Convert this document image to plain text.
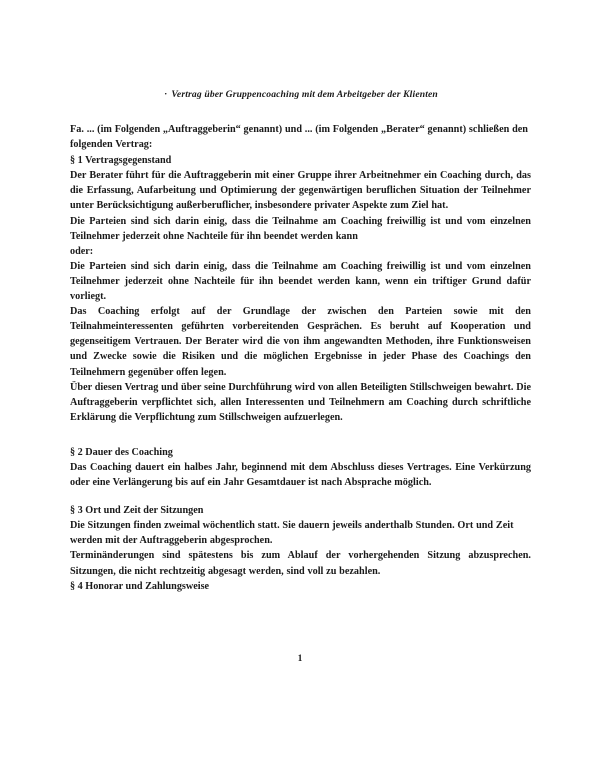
· Vertrag über Gruppencoaching mit dem Arbeitgeber der Klienten

Fa. ... (im Folgenden „Auftraggeberin“ genannt) und ... (im Folgenden „Berater“ genannt) schließen den folgenden Vertrag:

§ 1 Vertragsgegenstand

Der Berater führt für die Auftraggeberin mit einer Gruppe ihrer Arbeitnehmer ein Coaching durch, das die Erfassung, Aufarbeitung und Optimierung der gegenwärtigen beruflichen Situation der Teilnehmer unter Berücksichtigung außerberuflicher, insbesondere privater Aspekte zum Ziel hat.

Die Parteien sind sich darin einig, dass die Teilnahme am Coaching freiwillig ist und vom einzelnen Teilnehmer jederzeit ohne Nachteile für ihn beendet werden kann

oder:

Die Parteien sind sich darin einig, dass die Teilnahme am Coaching freiwillig ist und vom einzelnen Teilnehmer jederzeit ohne Nachteile für ihn beendet werden kann, wenn ein triftiger Grund dafür vorliegt.

Das Coaching erfolgt auf der Grundlage der zwischen den Parteien sowie mit den Teilnahmeinteressenten geführten vorbereitenden Gesprächen. Es beruht auf Kooperation und gegenseitigem Vertrauen. Der Berater wird die von ihm angewandten Methoden, ihre Funktionsweisen und Zwecke sowie die Risiken und die möglichen Ergebnisse in jeder Phase des Coachings den Teilnehmern gegenüber offen legen.

Über diesen Vertrag und über seine Durchführung wird von allen Beteiligten Stillschweigen bewahrt. Die Auftraggeberin verpflichtet sich, allen Interessenten und Teilnehmern am Coaching durch schriftliche Erklärung die Verpflichtung zum Stillschweigen aufzuerlegen.

§ 2 Dauer des Coaching

Das Coaching dauert ein halbes Jahr, beginnend mit dem Abschluss dieses Vertrages. Eine Verkürzung oder eine Verlängerung bis auf ein Jahr Gesamtdauer ist nach Absprache möglich.

§ 3 Ort und Zeit der Sitzungen

Die Sitzungen finden zweimal wöchentlich statt. Sie dauern jeweils anderthalb Stunden. Ort und Zeit werden mit der Auftraggeberin abgesprochen.

Terminänderungen sind spätestens bis zum Ablauf der vorhergehenden Sitzung abzusprechen. Sitzungen, die nicht rechtzeitig abgesagt werden, sind voll zu bezahlen.

§ 4 Honorar und Zahlungsweise

1
